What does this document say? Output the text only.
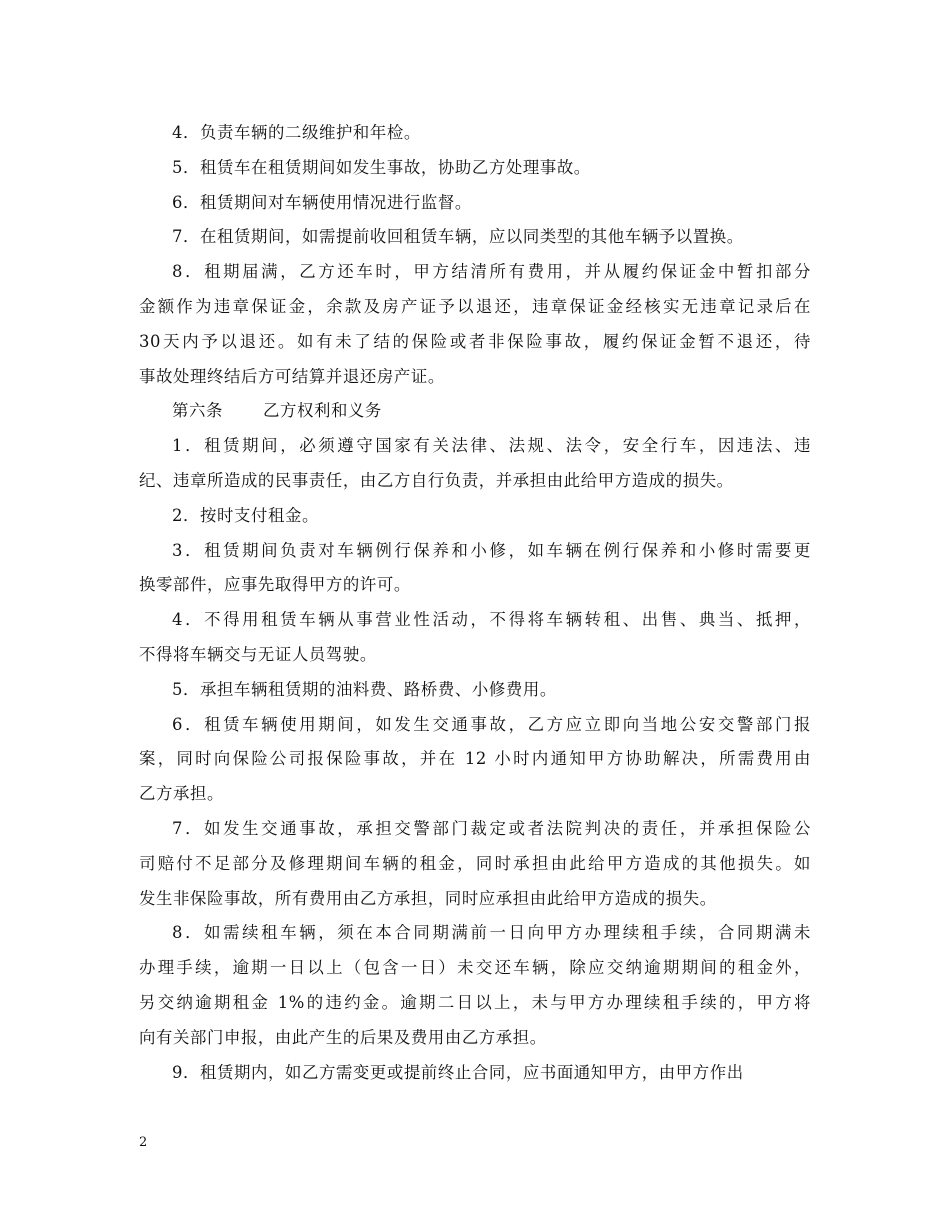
4．负责车辆的二级维护和年检。

5．租赁车在租赁期间如发生事故，协助乙方处理事故。

6．租赁期间对车辆使用情况进行监督。

7．在租赁期间，如需提前收回租赁车辆，应以同类型的其他车辆予以置换。

8．租期届满，乙方还车时，甲方结清所有费用，并从履约保证金中暂扣部分
金额作为违章保证金，余款及房产证予以退还，违章保证金经核实无违章记录后在
30天内予以退还。如有未了结的保险或者非保险事故，履约保证金暂不退还，待
事故处理终结后方可结算并退还房产证。

第六条 乙方权利和义务

1．租赁期间，必须遵守国家有关法律、法规、法令，安全行车，因违法、违
纪、违章所造成的民事责任，由乙方自行负责，并承担由此给甲方造成的损失。

2．按时支付租金。

3．租赁期间负责对车辆例行保养和小修，如车辆在例行保养和小修时需要更
换零部件，应事先取得甲方的许可。

4．不得用租赁车辆从事营业性活动，不得将车辆转租、出售、典当、抵押，
不得将车辆交与无证人员驾驶。

5．承担车辆租赁期的油料费、路桥费、小修费用。

6．租赁车辆使用期间，如发生交通事故，乙方应立即向当地公安交警部门报
案，同时向保险公司报保险事故，并在 12 小时内通知甲方协助解决，所需费用由
乙方承担。

7．如发生交通事故，承担交警部门裁定或者法院判决的责任，并承担保险公
司赔付不足部分及修理期间车辆的租金，同时承担由此给甲方造成的其他损失。如
发生非保险事故，所有费用由乙方承担，同时应承担由此给甲方造成的损失。

8．如需续租车辆，须在本合同期满前一日向甲方办理续租手续，合同期满未
办理手续，逾期一日以上（包含一日）未交还车辆，除应交纳逾期期间的租金外，
另交纳逾期租金 1%的违约金。逾期二日以上，未与甲方办理续租手续的，甲方将
向有关部门申报，由此产生的后果及费用由乙方承担。

9．租赁期内，如乙方需变更或提前终止合同，应书面通知甲方，由甲方作出

2
